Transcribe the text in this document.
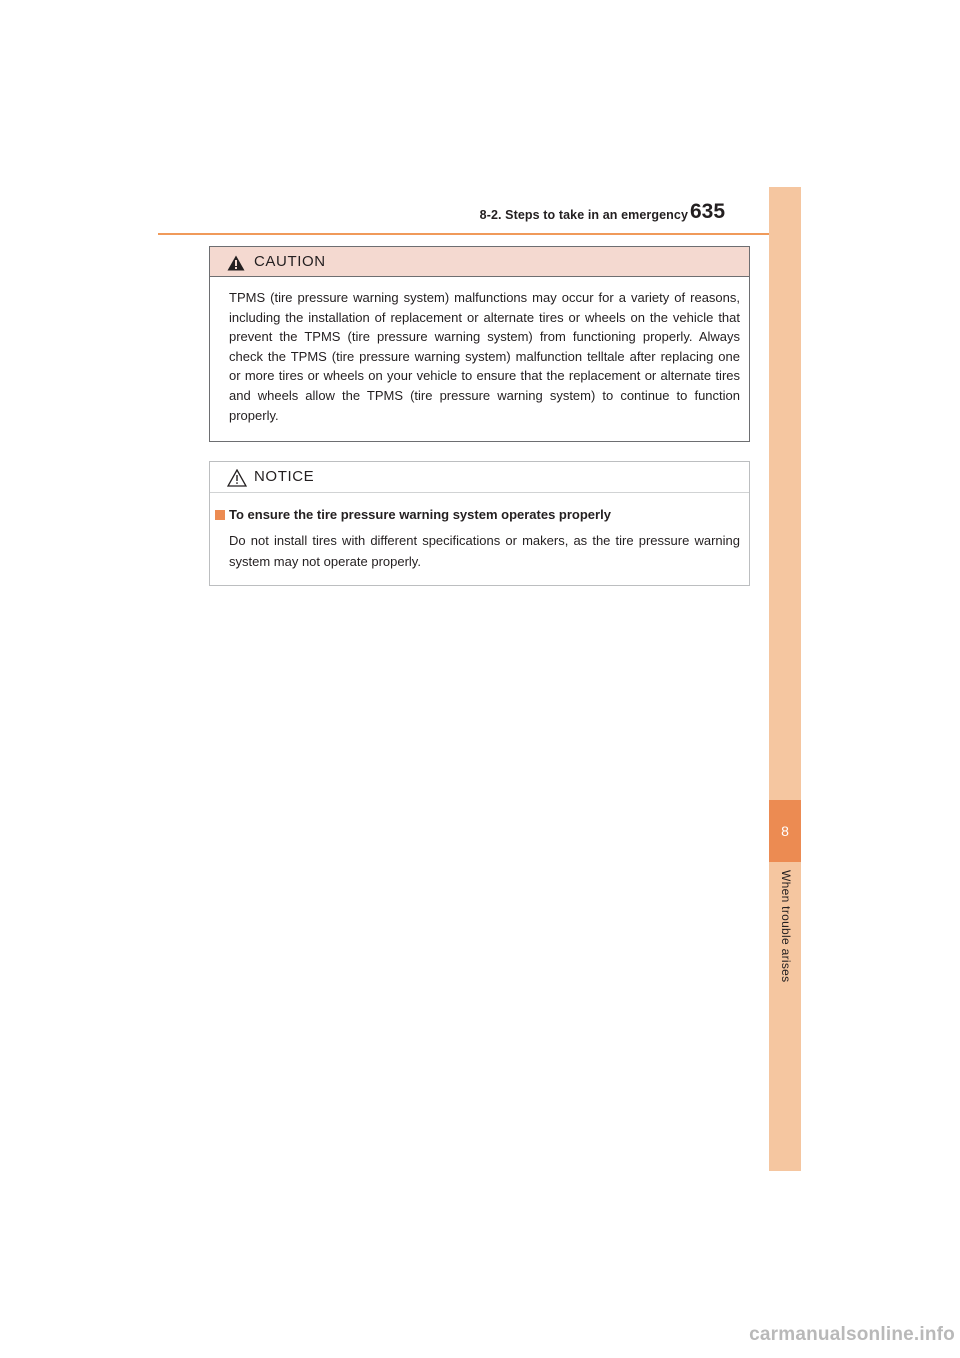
8-2. Steps to take in an emergency 635
8
When trouble arises
CAUTION
TPMS (tire pressure warning system) malfunctions may occur for a variety of reasons, including the installation of replacement or alternate tires or wheels on the vehicle that prevent the TPMS (tire pressure warning system) from functioning properly. Always check the TPMS (tire pressure warning system) malfunction telltale after replacing one or more tires or wheels on your vehicle to ensure that the replacement or alternate tires and wheels allow the TPMS (tire pressure warning system) to continue to function properly.
NOTICE
To ensure the tire pressure warning system operates properly
Do not install tires with different specifications or makers, as the tire pressure warning system may not operate properly.
carmanualsonline.info
